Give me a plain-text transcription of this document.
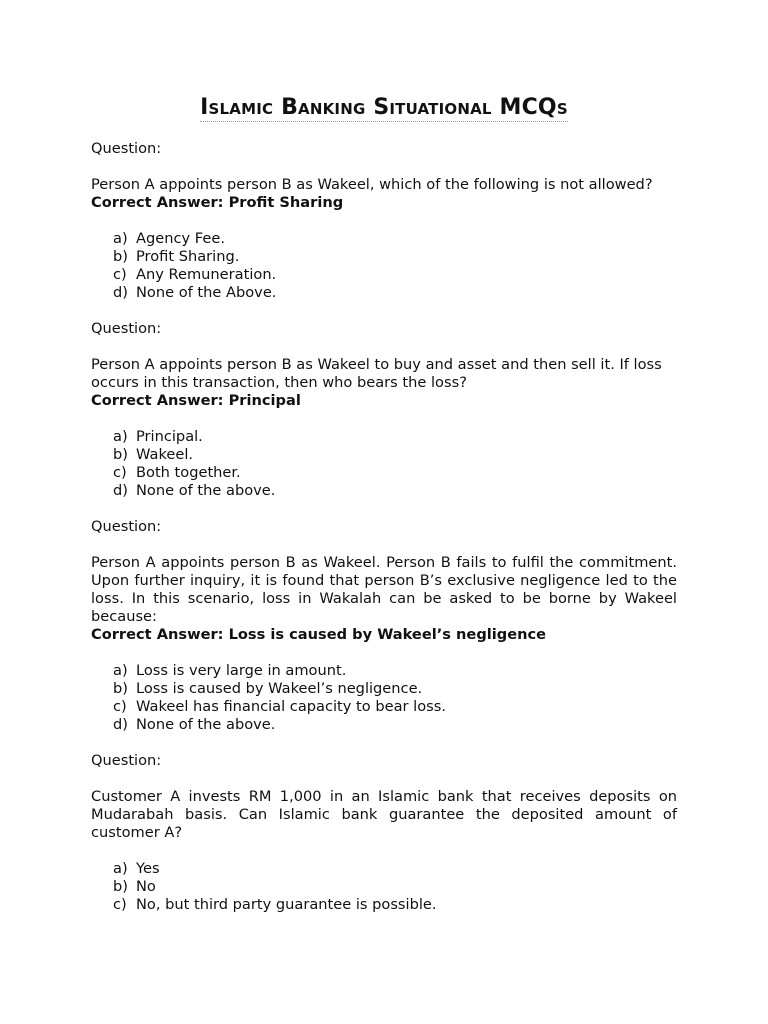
Islamic Banking Situational MCQs

Question:

Person A appoints person B as Wakeel, which of the following is not allowed?

Correct Answer: Profit Sharing

a) Agency Fee.
b) Profit Sharing.
c) Any Remuneration.
d) None of the Above.

Question:

Person A appoints person B as Wakeel to buy and asset and then sell it. If loss occurs in this transaction, then who bears the loss?

Correct Answer: Principal

a) Principal.
b) Wakeel.
c) Both together.
d) None of the above.

Question:

Person A appoints person B as Wakeel. Person B fails to fulfil the commitment. Upon further inquiry, it is found that person B’s exclusive negligence led to the loss. In this scenario, loss in Wakalah can be asked to be borne by Wakeel because:

Correct Answer: Loss is caused by Wakeel’s negligence

a) Loss is very large in amount.
b) Loss is caused by Wakeel’s negligence.
c) Wakeel has financial capacity to bear loss.
d) None of the above.

Question:

Customer A invests RM 1,000 in an Islamic bank that receives deposits on Mudarabah basis. Can Islamic bank guarantee the deposited amount of customer A?

a) Yes
b) No
c) No, but third party guarantee is possible.
